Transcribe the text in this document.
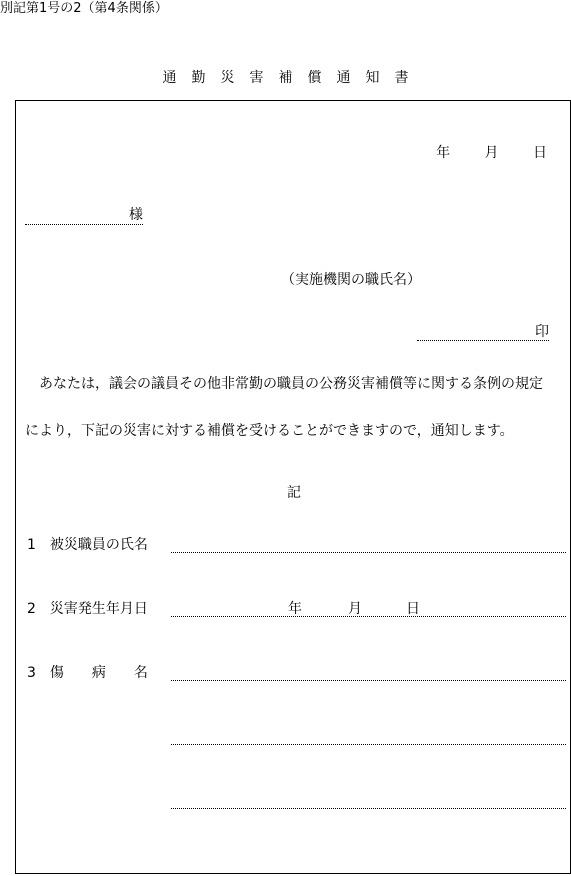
別記第1号の2（第4条関係）
通勤災害補償通知書
年 月 日
様
（実施機関の職氏名）
印
あなたは，議会の議員その他非常勤の職員の公務災害補償等に関する条例の規定
により，下記の災害に対する補償を受けることができますので，通知します。
記
1　被災職員の氏名
2　災害発生年月日	年	月	日
3　傷　　病　　名
